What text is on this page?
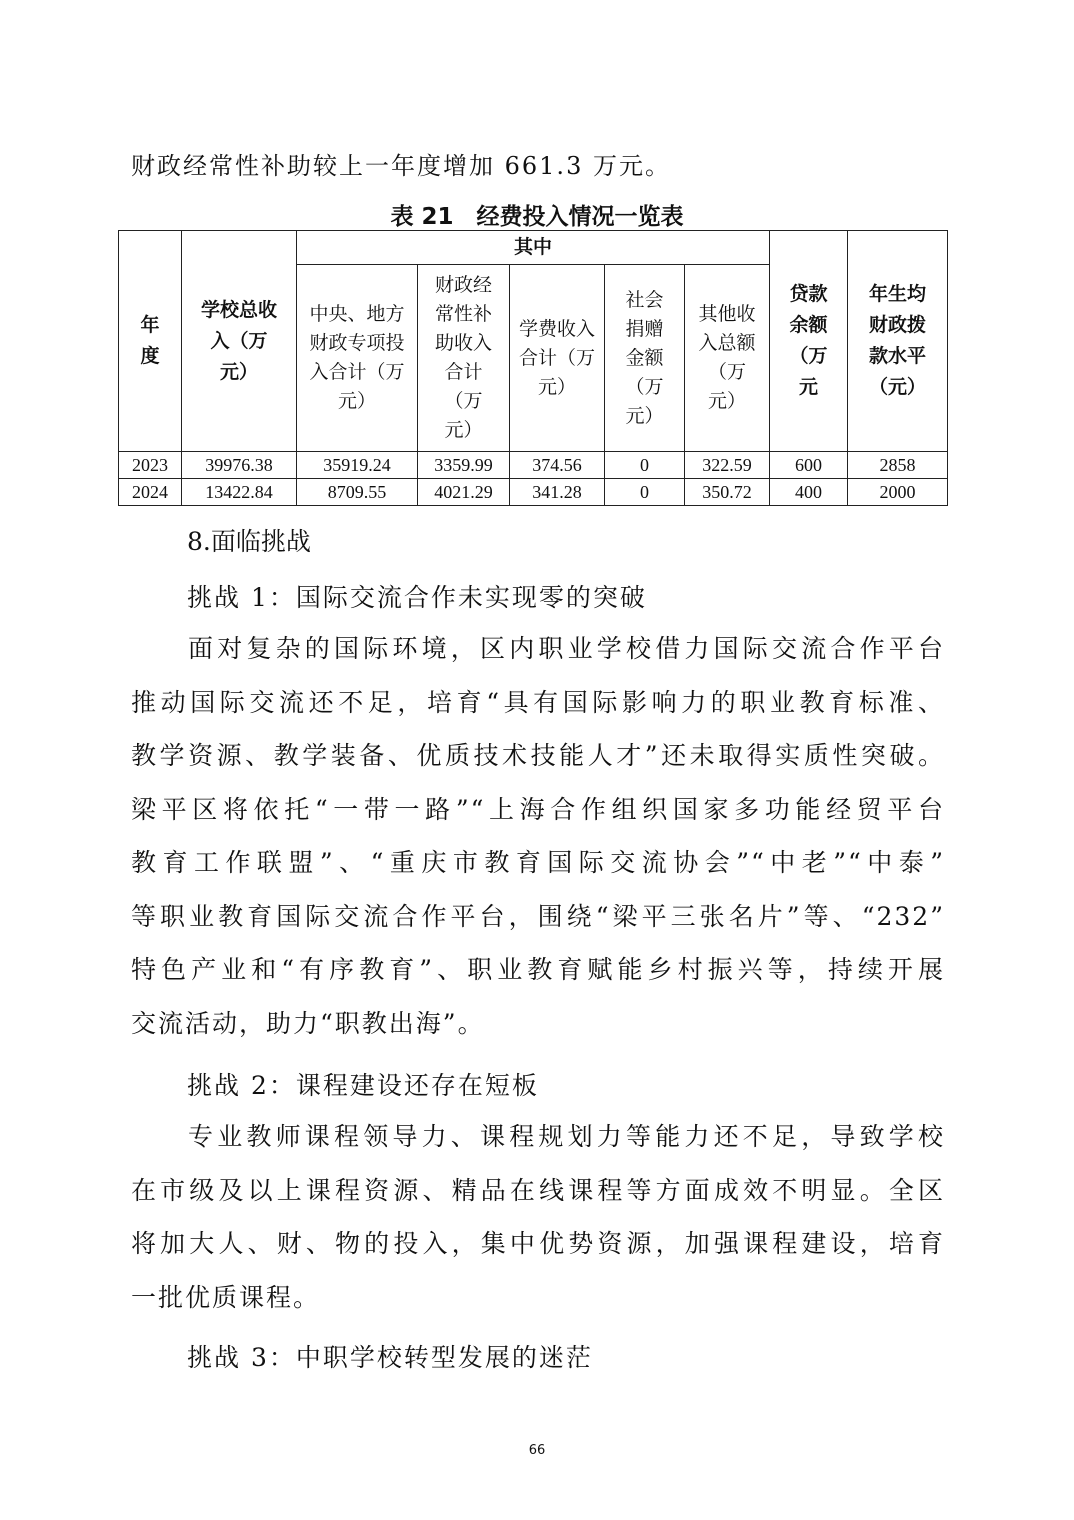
财政经常性补助较上一年度增加 661.3 万元。
表 21　经费投入情况一览表
年度	学校总收入（万元）	其中					贷款余额（万元	年生均财政拨款水平（元）

		中央、地方财政专项投入合计（万元）	财政经常性补助收入合计（万元）	学费收入合计（万元）	社会捐赠金额（万元）	其他收入总额（万元）		

2023	39976.38	35919.24	3359.99	374.56	0	322.59	600	2858
2024	13422.84	8709.55	4021.29	341.28	0	350.72	400	2000
8.面临挑战
挑战 1：国际交流合作未实现零的突破
面对复杂的国际环境，区内职业学校借力国际交流合作平台
推动国际交流还不足，培育“具有国际影响力的职业教育标准、
教学资源、教学装备、优质技术技能人才”还未取得实质性突破。
梁平区将依托“一带一路”“上海合作组织国家多功能经贸平台
教育工作联盟”、“重庆市教育国际交流协会”“中老”“中泰”
等职业教育国际交流合作平台，围绕“梁平三张名片”等、“232”
特色产业和“有序教育”、职业教育赋能乡村振兴等，持续开展
交流活动，助力“职教出海”。
挑战 2：课程建设还存在短板
专业教师课程领导力、课程规划力等能力还不足，导致学校
在市级及以上课程资源、精品在线课程等方面成效不明显。全区
将加大人、财、物的投入，集中优势资源，加强课程建设，培育
一批优质课程。
挑战 3：中职学校转型发展的迷茫
66
